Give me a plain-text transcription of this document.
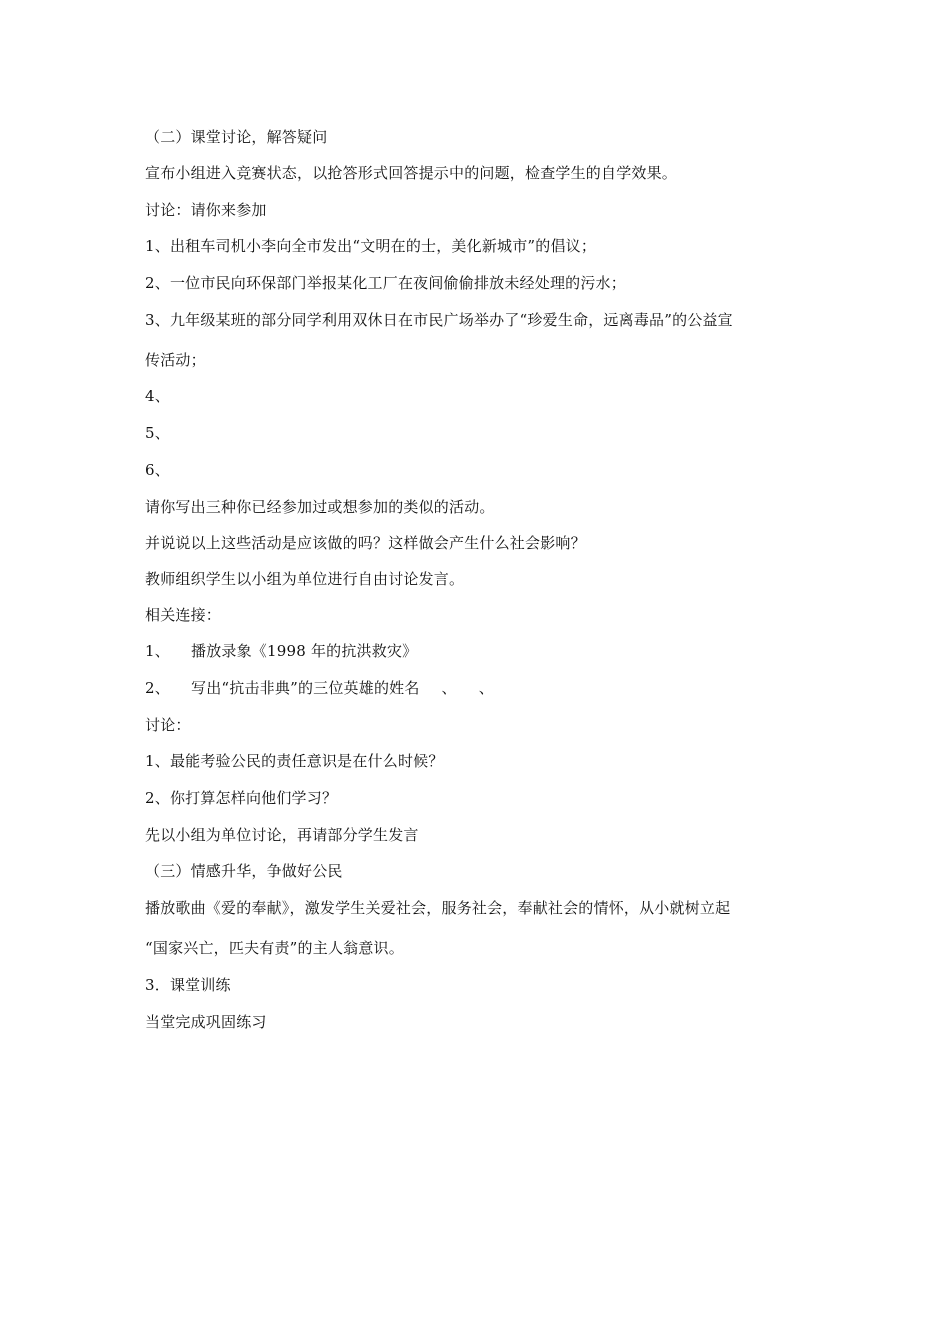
（二）课堂讨论，解答疑问
宣布小组进入竞赛状态，以抢答形式回答提示中的问题，检查学生的自学效果。
讨论：请你来参加
1、出租车司机小李向全市发出“文明在的士，美化新城市”的倡议；
2、一位市民向环保部门举报某化工厂在夜间偷偷排放未经处理的污水；
3、九年级某班的部分同学利用双休日在市民广场举办了“珍爱生命，远离毒品”的公益宣
传活动；
4、
5、
6、
请你写出三种你已经参加过或想参加的类似的活动。
并说说以上这些活动是应该做的吗？这样做会产生什么社会影响？
教师组织学生以小组为单位进行自由讨论发言。
相关连接：
1、 播放录象《1998 年的抗洪救灾》
2、 写出“抗击非典”的三位英雄的姓名 、 、
讨论：
1、最能考验公民的责任意识是在什么时候？
2、你打算怎样向他们学习？
先以小组为单位讨论，再请部分学生发言
（三）情感升华，争做好公民
播放歌曲《爱的奉献》，激发学生关爱社会，服务社会，奉献社会的情怀，从小就树立起
“国家兴亡，匹夫有责”的主人翁意识。
3．课堂训练
当堂完成巩固练习
